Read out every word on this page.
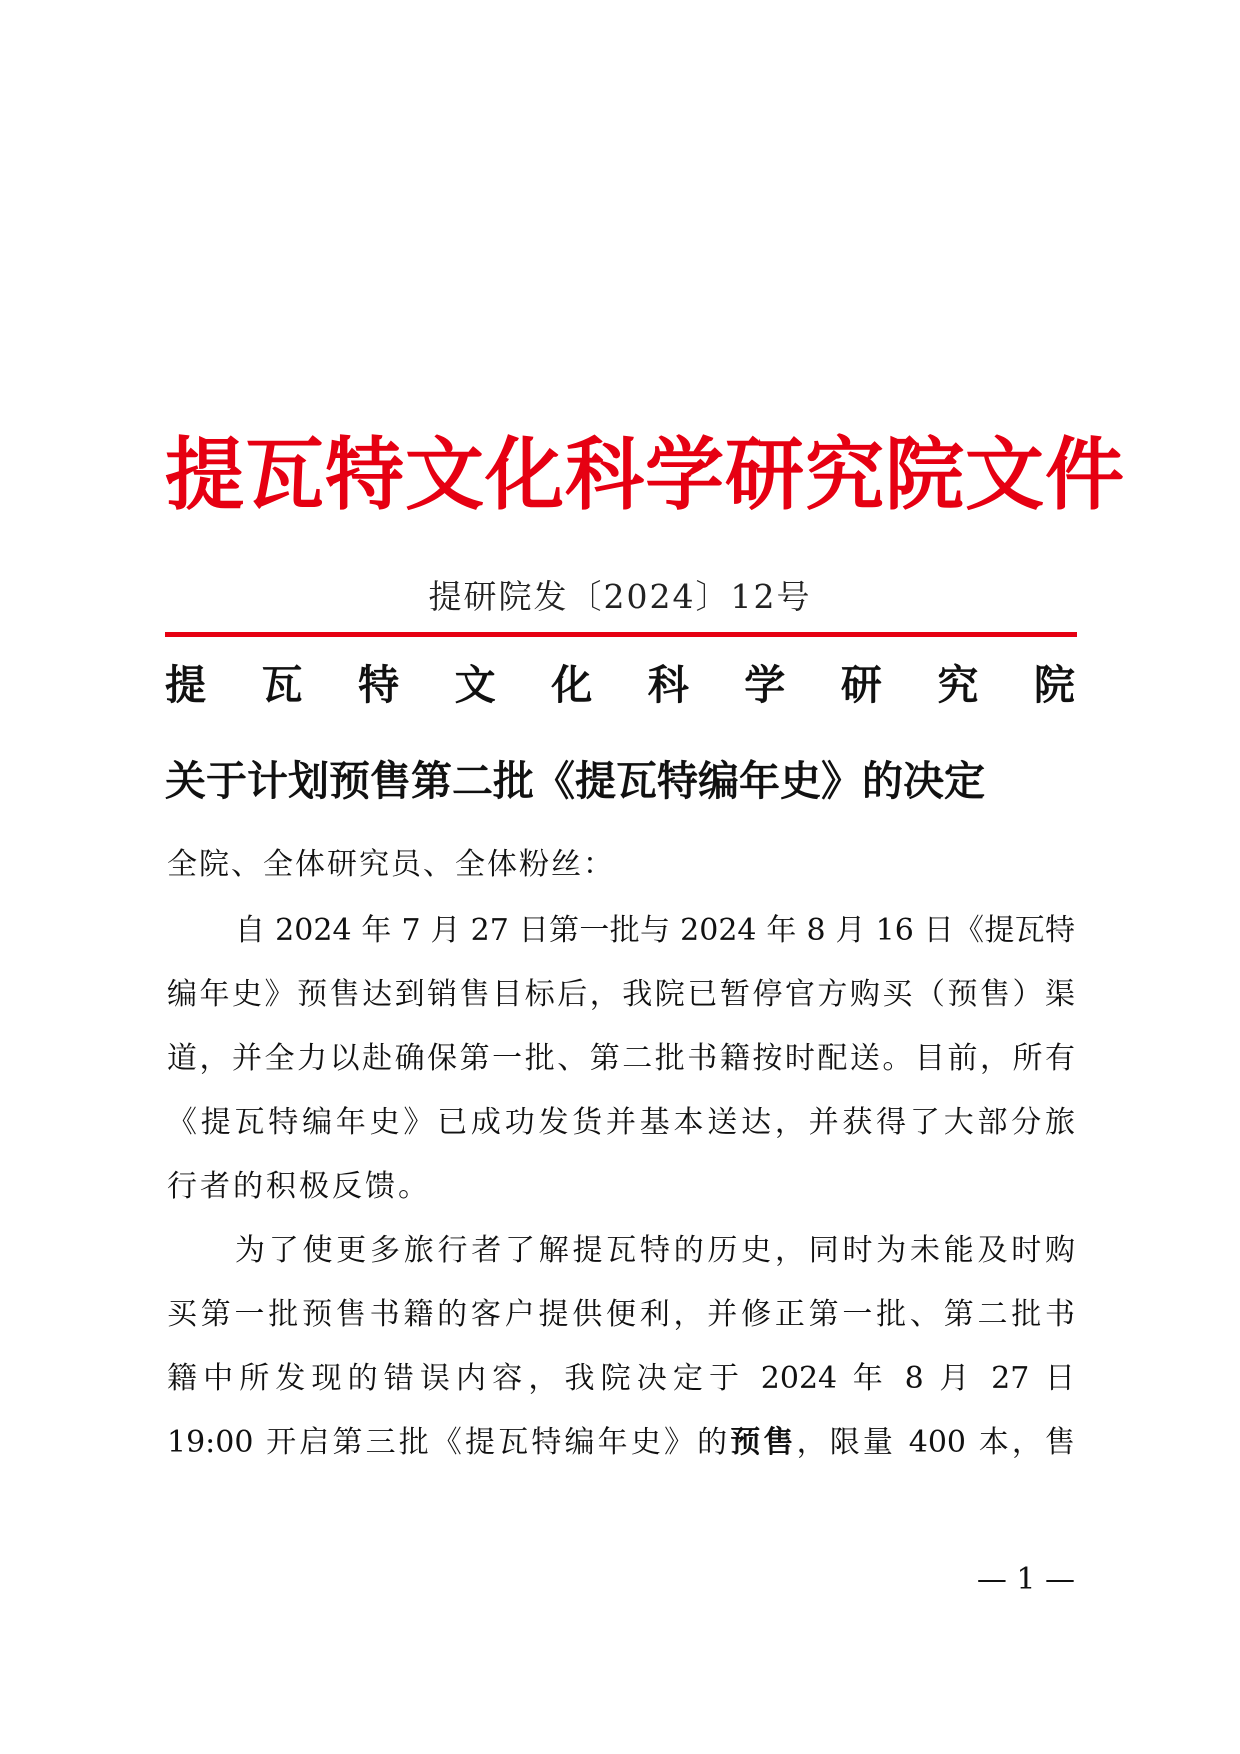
提瓦特文化科学研究院文件
提研院发〔2024〕12号
提 瓦 特 文 化 科 学 研 究 院
关于计划预售第二批《提瓦特编年史》的决定
全院、全体研究员、全体粉丝：
自 2024 年 7 月 27 日第一批与 2024 年 8 月 16 日《提瓦特
编年史》预售达到销售目标后，我院已暂停官方购买（预售）渠
道，并全力以赴确保第一批、第二批书籍按时配送。目前，所有
《提瓦特编年史》已成功发货并基本送达，并获得了大部分旅
行者的积极反馈。
为了使更多旅行者了解提瓦特的历史，同时为未能及时购
买第一批预售书籍的客户提供便利，并修正第一批、第二批书
籍中所发现的错误内容，我院决定于 2024 年 8 月 27 日
19:00 开启第三批《提瓦特编年史》的预售，限量 400 本，售
— 1 —
